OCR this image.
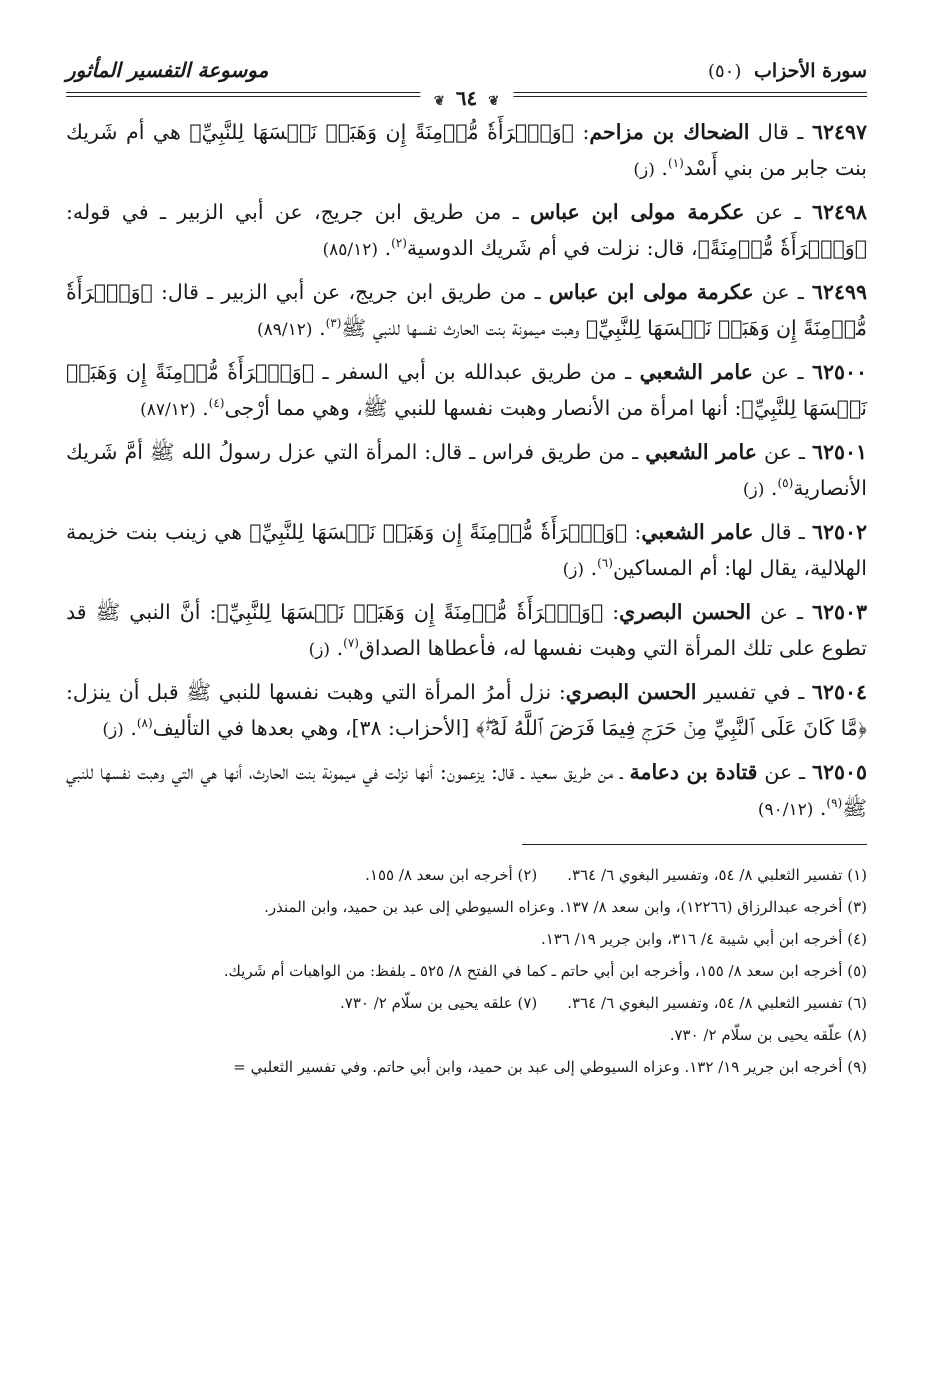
سورة الأحزاب (٥٠)
موسوعة التفسير المأثور
❦ ٦٤ ❦
٦٢٤٩٧ ـ قال الضحاك بن مزاحم: ﴿وَٱمۡرَأَةٗ مُّؤۡمِنَةً إِن وَهَبَتۡ نَفۡسَهَا لِلنَّبِيِّ﴾ هي أم شَريك بنت جابر من بني أَسْد$^{(١)}$. (ز)
٦٢٤٩٨ ـ عن عكرمة مولى ابن عباس ـ من طريق ابن جريج، عن أبي الزبير ـ في قوله: ﴿وَٱمۡرَأَةٗ مُّؤۡمِنَةً﴾، قال: نزلت في أم شَريك الدوسية$^{(٢)}$. (٨٥/١٢)
٦٢٤٩٩ ـ عن عكرمة مولى ابن عباس ـ من طريق ابن جريج، عن أبي الزبير ـ قال: ﴿وَٱمۡرَأَةٗ مُّؤۡمِنَةً إِن وَهَبَتۡ نَفۡسَهَا لِلنَّبِيِّ﴾ وهبت ميمونة بنت الحارث نفسها للنبي ﷺ$^{(٣)}$. (٨٩/١٢)
٦٢٥٠٠ ـ عن عامر الشعبي ـ من طريق عبدالله بن أبي السفر ـ ﴿وَٱمۡرَأَةٗ مُّؤۡمِنَةً إِن وَهَبَتۡ نَفۡسَهَا لِلنَّبِيِّ﴾: أنها امرأة من الأنصار وهبت نفسها للنبي ﷺ، وهي مما أرْجى$^{(٤)}$. (٨٧/١٢)
٦٢٥٠١ ـ عن عامر الشعبي ـ من طريق فراس ـ قال: المرأة التي عزل رسولُ الله ﷺ أمَّ شَريك الأنصارية$^{(٥)}$. (ز)
٦٢٥٠٢ ـ قال عامر الشعبي: ﴿وَٱمۡرَأَةٗ مُّؤۡمِنَةً إِن وَهَبَتۡ نَفۡسَهَا لِلنَّبِيِّ﴾ هي زينب بنت خزيمة الهلالية، يقال لها: أم المساكين$^{(٦)}$. (ز)
٦٢٥٠٣ ـ عن الحسن البصري: ﴿وَٱمۡرَأَةٗ مُّؤۡمِنَةً إِن وَهَبَتۡ نَفۡسَهَا لِلنَّبِيِّ﴾: أنَّ النبي ﷺ قد تطوع على تلك المرأة التي وهبت نفسها له، فأعطاها الصداق$^{(٧)}$. (ز)
٦٢٥٠٤ ـ في تفسير الحسن البصري: نزل أمرُ المرأة التي وهبت نفسها للنبي ﷺ قبل أن ينزل: ﴿مَّا كَانَ عَلَى ٱلنَّبِيِّ مِنۡ حَرَجٖ فِيمَا فَرَضَ ٱللَّهُ لَهُۥۖ﴾ [الأحزاب: ٣٨]، وهي بعدها في التأليف$^{(٨)}$. (ز)
٦٢٥٠٥ ـ عن قتادة بن دعامة ـ من طريق سعيد ـ قال: يزعمون: أنها نزلت في ميمونة بنت الحارث، أنها هي التي وهبت نفسها للنبي ﷺ$^{(٩)}$. (٩٠/١٢)
(١) تفسير الثعلبي ٨/ ٥٤، وتفسير البغوي ٦/ ٣٦٤.(٢) أخرجه ابن سعد ٨/ ١٥٥.
(٣) أخرجه عبدالرزاق (١٢٢٦٦)، وابن سعد ٨/ ١٣٧. وعزاه السيوطي إلى عبد بن حميد، وابن المنذر.
(٤) أخرجه ابن أبي شيبة ٤/ ٣١٦، وابن جرير ١٩/ ١٣٦.
(٥) أخرجه ابن سعد ٨/ ١٥٥، وأخرجه ابن أبي حاتم ـ كما في الفتح ٨/ ٥٢٥ ـ بلفظ: من الواهبات أم شَريك.
(٦) تفسير الثعلبي ٨/ ٥٤، وتفسير البغوي ٦/ ٣٦٤.(٧) علقه يحيى بن سلّام ٢/ ٧٣٠.
(٨) علّقه يحيى بن سلّام ٢/ ٧٣٠.
(٩) أخرجه ابن جرير ١٩/ ١٣٢. وعزاه السيوطي إلى عبد بن حميد، وابن أبي حاتم. وفي تفسير الثعلبي =
